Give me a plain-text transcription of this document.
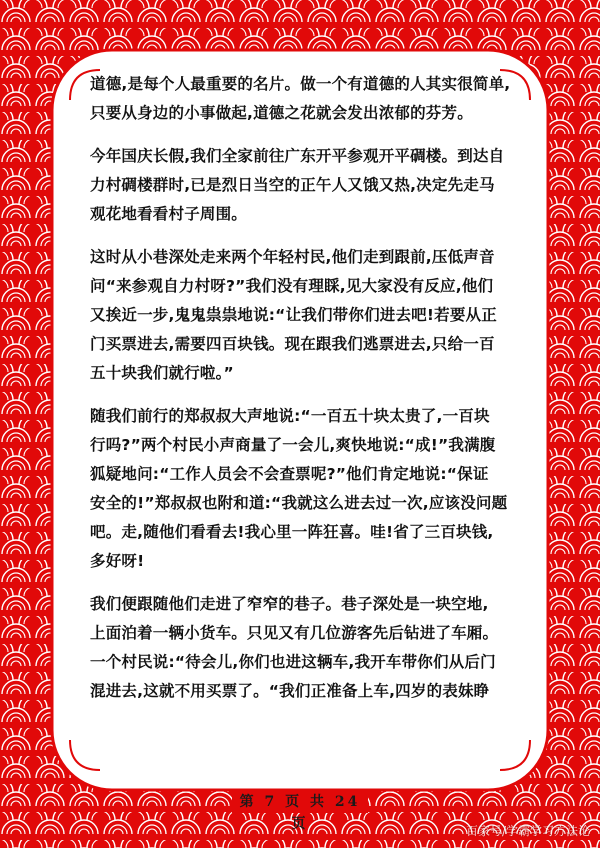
道德,是每个人最重要的名片。做一个有道德的人其实很简单,
只要从身边的小事做起,道德之花就会发出浓郁的芬芳。

今年国庆长假,我们全家前往广东开平参观开平碉楼。到达自
力村碉楼群时,已是烈日当空的正午人又饿又热,决定先走马
观花地看看村子周围。

这时从小巷深处走来两个年轻村民,他们走到跟前,压低声音
问“来参观自力村呀?”我们没有理睬,见大家没有反应,他们
又挨近一步,鬼鬼祟祟地说:“让我们带你们进去吧!若要从正
门买票进去,需要四百块钱。现在跟我们逃票进去,只给一百
五十块我们就行啦。”

随我们前行的郑叔叔大声地说:“一百五十块太贵了,一百块
行吗?”两个村民小声商量了一会儿,爽快地说:“成!”我满腹
狐疑地问:“工作人员会不会查票呢?”他们肯定地说:“保证
安全的!”郑叔叔也附和道:“我就这么进去过一次,应该没问题
吧。走,随他们看看去!我心里一阵狂喜。哇!省了三百块钱,
多好呀!

我们便跟随他们走进了窄窄的巷子。巷子深处是一块空地,
上面泊着一辆小货车。只见又有几位游客先后钻进了车厢。
一个村民说:“待会儿,你们也进这辆车,我开车带你们从后门
混进去,这就不用买票了。“我们正准备上车,四岁的表妹睁

第 7 页 共 24 页	百家号/学霸学习方法论
